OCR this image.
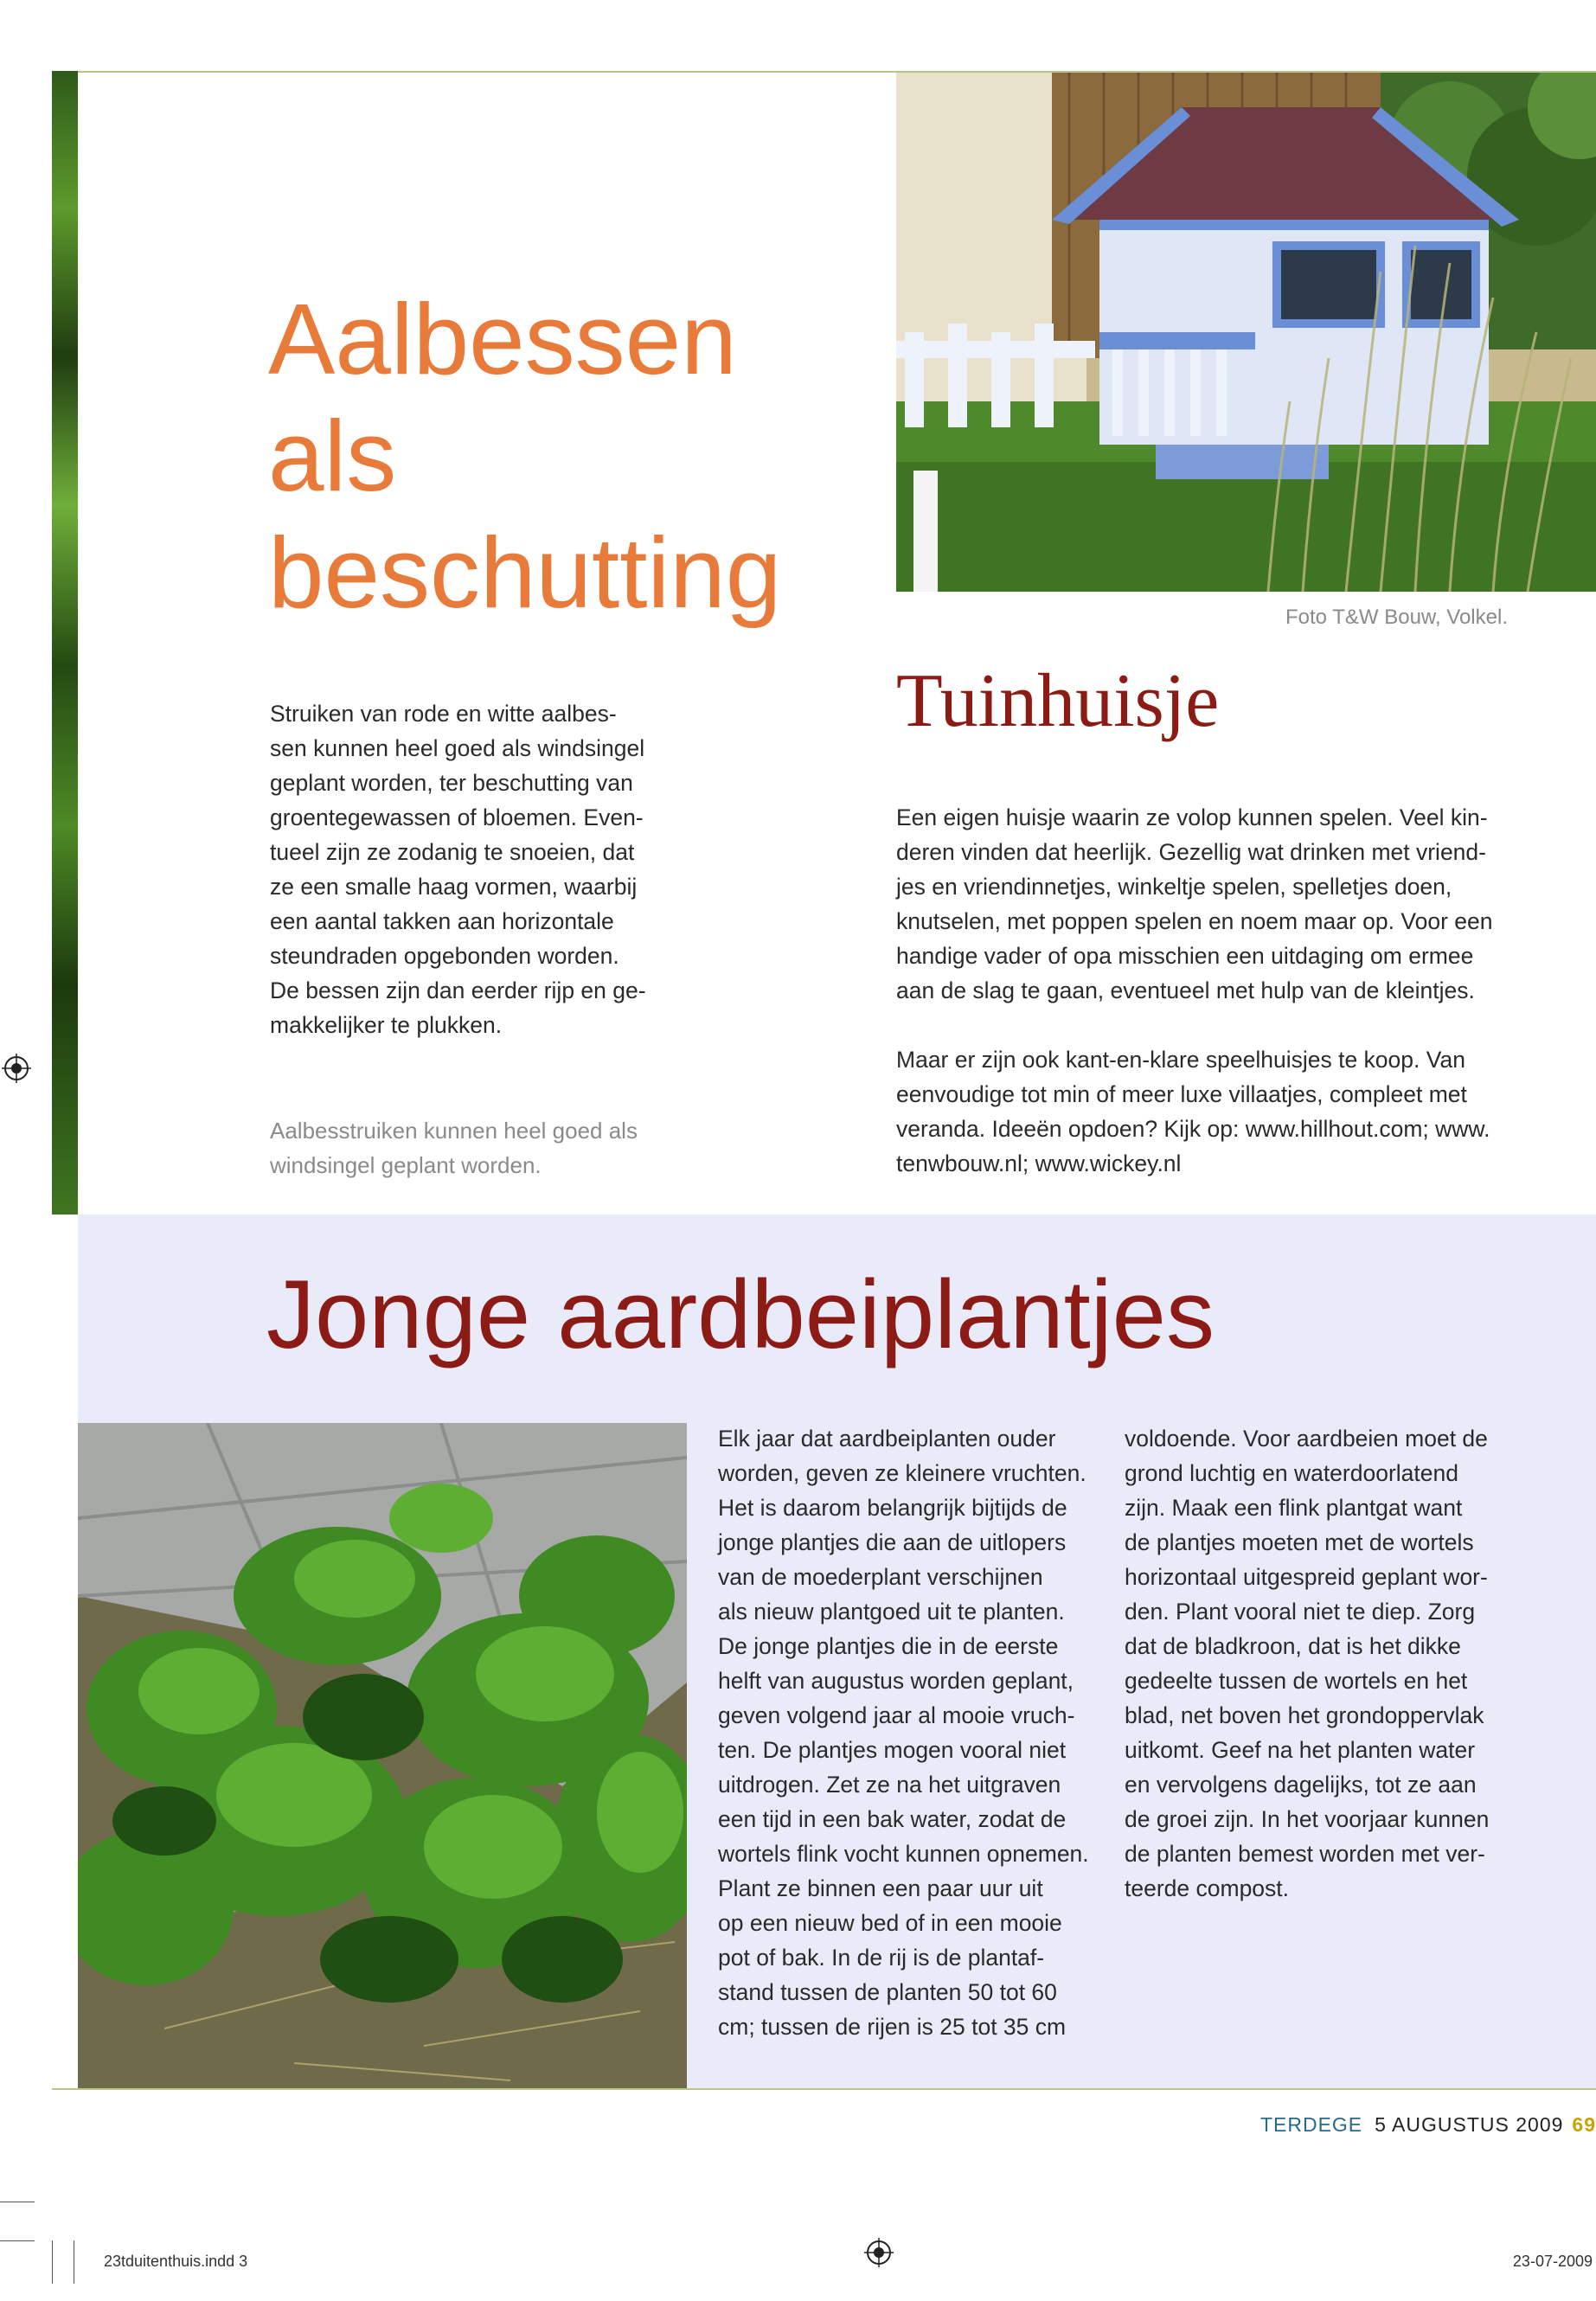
Aalbessen
als
beschutting
Struiken van rode en witte aalbes-
sen kunnen heel goed als windsingel
geplant worden, ter beschutting van
groentegewassen of bloemen. Even-
tueel zijn ze zodanig te snoeien, dat
ze een smalle haag vormen, waarbij
een aantal takken aan horizontale
steundraden opgebonden worden.
De bessen zijn dan eerder rijp en ge-
makkelijker te plukken.
Aalbesstruiken kunnen heel goed als
windsingel geplant worden.
Foto T&W Bouw, Volkel.
Tuinhuisje

Een eigen huisje waarin ze volop kunnen spelen. Veel kin-
deren vinden dat heerlijk. Gezellig wat drinken met vriend-
jes en vriendinnetjes, winkeltje spelen, spelletjes doen,
knutselen, met poppen spelen en noem maar op. Voor een
handige vader of opa misschien een uitdaging om ermee
aan de slag te gaan, eventueel met hulp van de kleintjes.

Maar er zijn ook kant-en-klare speelhuisjes te koop. Van
eenvoudige tot min of meer luxe villaatjes, compleet met
veranda. Ideeën opdoen? Kijk op: www.hillhout.com; www.
tenwbouw.nl; www.wickey.nl

Jonge aardbeiplantjes
Elk jaar dat aardbeiplanten ouder
worden, geven ze kleinere vruchten.
Het is daarom belangrijk bijtijds de
jonge plantjes die aan de uitlopers
van de moederplant verschijnen
als nieuw plantgoed uit te planten.
De jonge plantjes die in de eerste
helft van augustus worden geplant,
geven volgend jaar al mooie vruch-
ten. De plantjes mogen vooral niet
uitdrogen. Zet ze na het uitgraven
een tijd in een bak water, zodat de
wortels flink vocht kunnen opnemen.
Plant ze binnen een paar uur uit
op een nieuw bed of in een mooie
pot of bak. In de rij is de plantaf-
stand tussen de planten 50 tot 60
cm; tussen de rijen is 25 tot 35 cm
voldoende. Voor aardbeien moet de
grond luchtig en waterdoorlatend
zijn. Maak een flink plantgat want
de plantjes moeten met de wortels
horizontaal uitgespreid geplant wor-
den. Plant vooral niet te diep. Zorg
dat de bladkroon, dat is het dikke
gedeelte tussen de wortels en het
blad, net boven het grondoppervlak
uitkomt. Geef na het planten water
en vervolgens dagelijks, tot ze aan
de groei zijn. In het voorjaar kunnen
de planten bemest worden met ver-
teerde compost.
TERDEGE 5 AUGUSTUS 2009 69
23tduitenthuis.indd 3	23-07-2009
